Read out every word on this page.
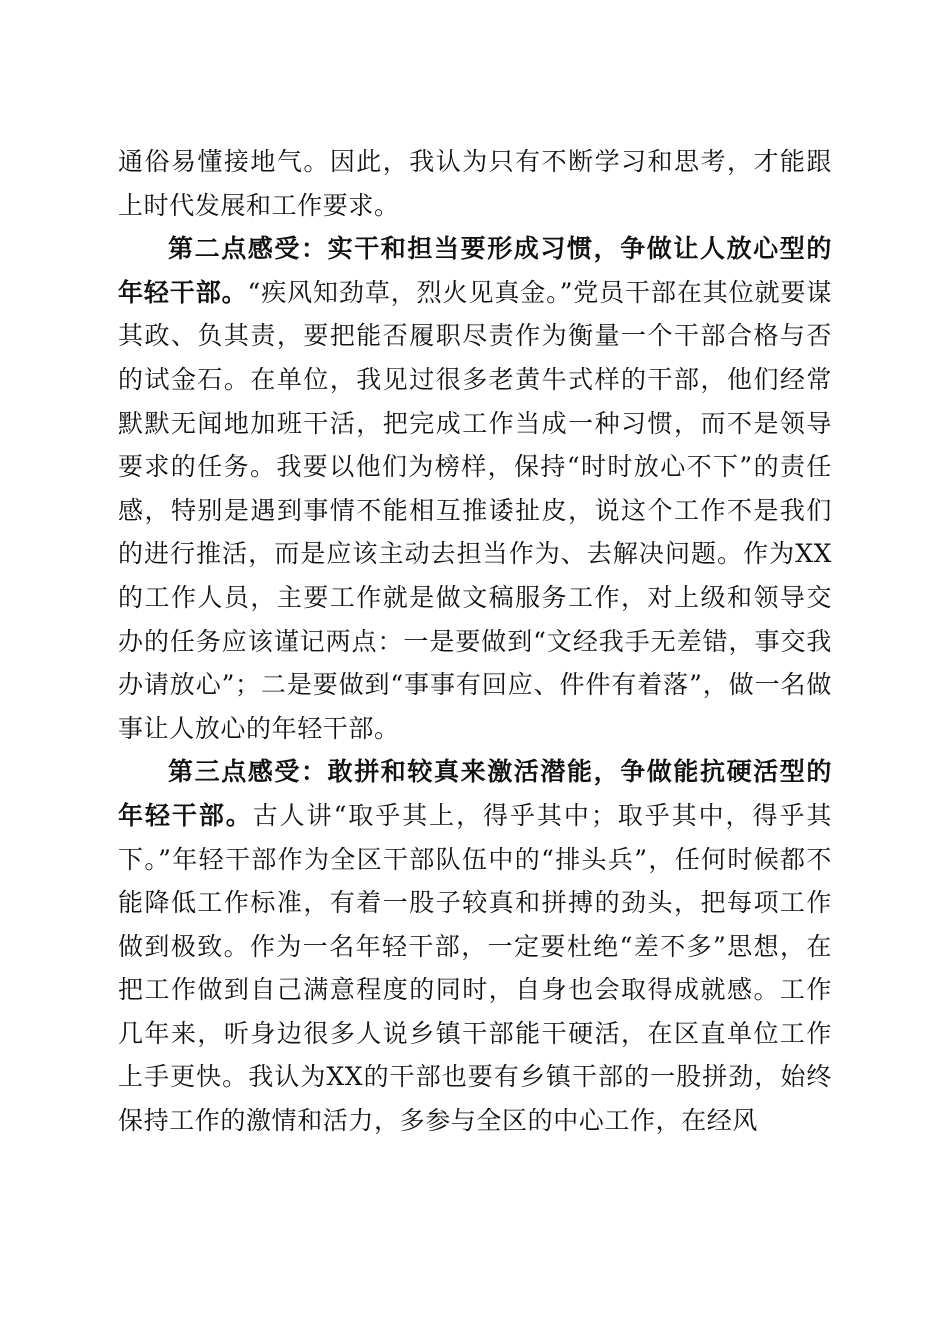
通俗易懂接地气。因此，我认为只有不断学习和思考，才能跟上时代发展和工作要求。

第二点感受：实干和担当要形成习惯，争做让人放心型的年轻干部。“疾风知劲草，烈火见真金。”党员干部在其位就要谋其政、负其责，要把能否履职尽责作为衡量一个干部合格与否的试金石。在单位，我见过很多老黄牛式样的干部，他们经常默默无闻地加班干活，把完成工作当成一种习惯，而不是领导要求的任务。我要以他们为榜样，保持“时时放心不下”的责任感，特别是遇到事情不能相互推诿扯皮，说这个工作不是我们的进行推活，而是应该主动去担当作为、去解决问题。作为XX的工作人员，主要工作就是做文稿服务工作，对上级和领导交办的任务应该谨记两点：一是要做到“文经我手无差错，事交我办请放心”；二是要做到“事事有回应、件件有着落”，做一名做事让人放心的年轻干部。

第三点感受：敢拼和较真来激活潜能，争做能抗硬活型的年轻干部。古人讲“取乎其上，得乎其中；取乎其中，得乎其下。”年轻干部作为全区干部队伍中的“排头兵”，任何时候都不能降低工作标准，有着一股子较真和拼搏的劲头，把每项工作做到极致。作为一名年轻干部，一定要杜绝“差不多”思想，在把工作做到自己满意程度的同时，自身也会取得成就感。工作几年来，听身边很多人说乡镇干部能干硬活，在区直单位工作上手更快。我认为XX的干部也要有乡镇干部的一股拼劲，始终保持工作的激情和活力，多参与全区的中心工作，在经风
